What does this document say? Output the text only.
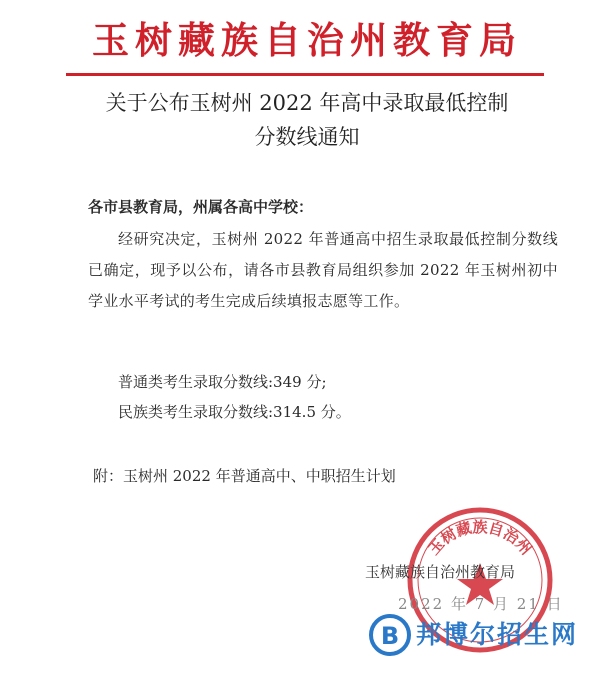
玉树藏族自治州教育局
关于公布玉树州 2022 年高中录取最低控制
分数线通知
各市县教育局，州属各高中学校：
经研究决定，玉树州 2022 年普通高中招生录取最低控制分数线已确定，现予以公布，请各市县教育局组织参加 2022 年玉树州初中学业水平考试的考生完成后续填报志愿等工作。
普通类考生录取分数线:349 分;
民族类考生录取分数线:314.5 分。
附：玉树州 2022 年普通高中、中职招生计划
玉树藏族自治州
玉树藏族自治州教育局
2022 年 7 月 21 日
B 邦博尔招生网
